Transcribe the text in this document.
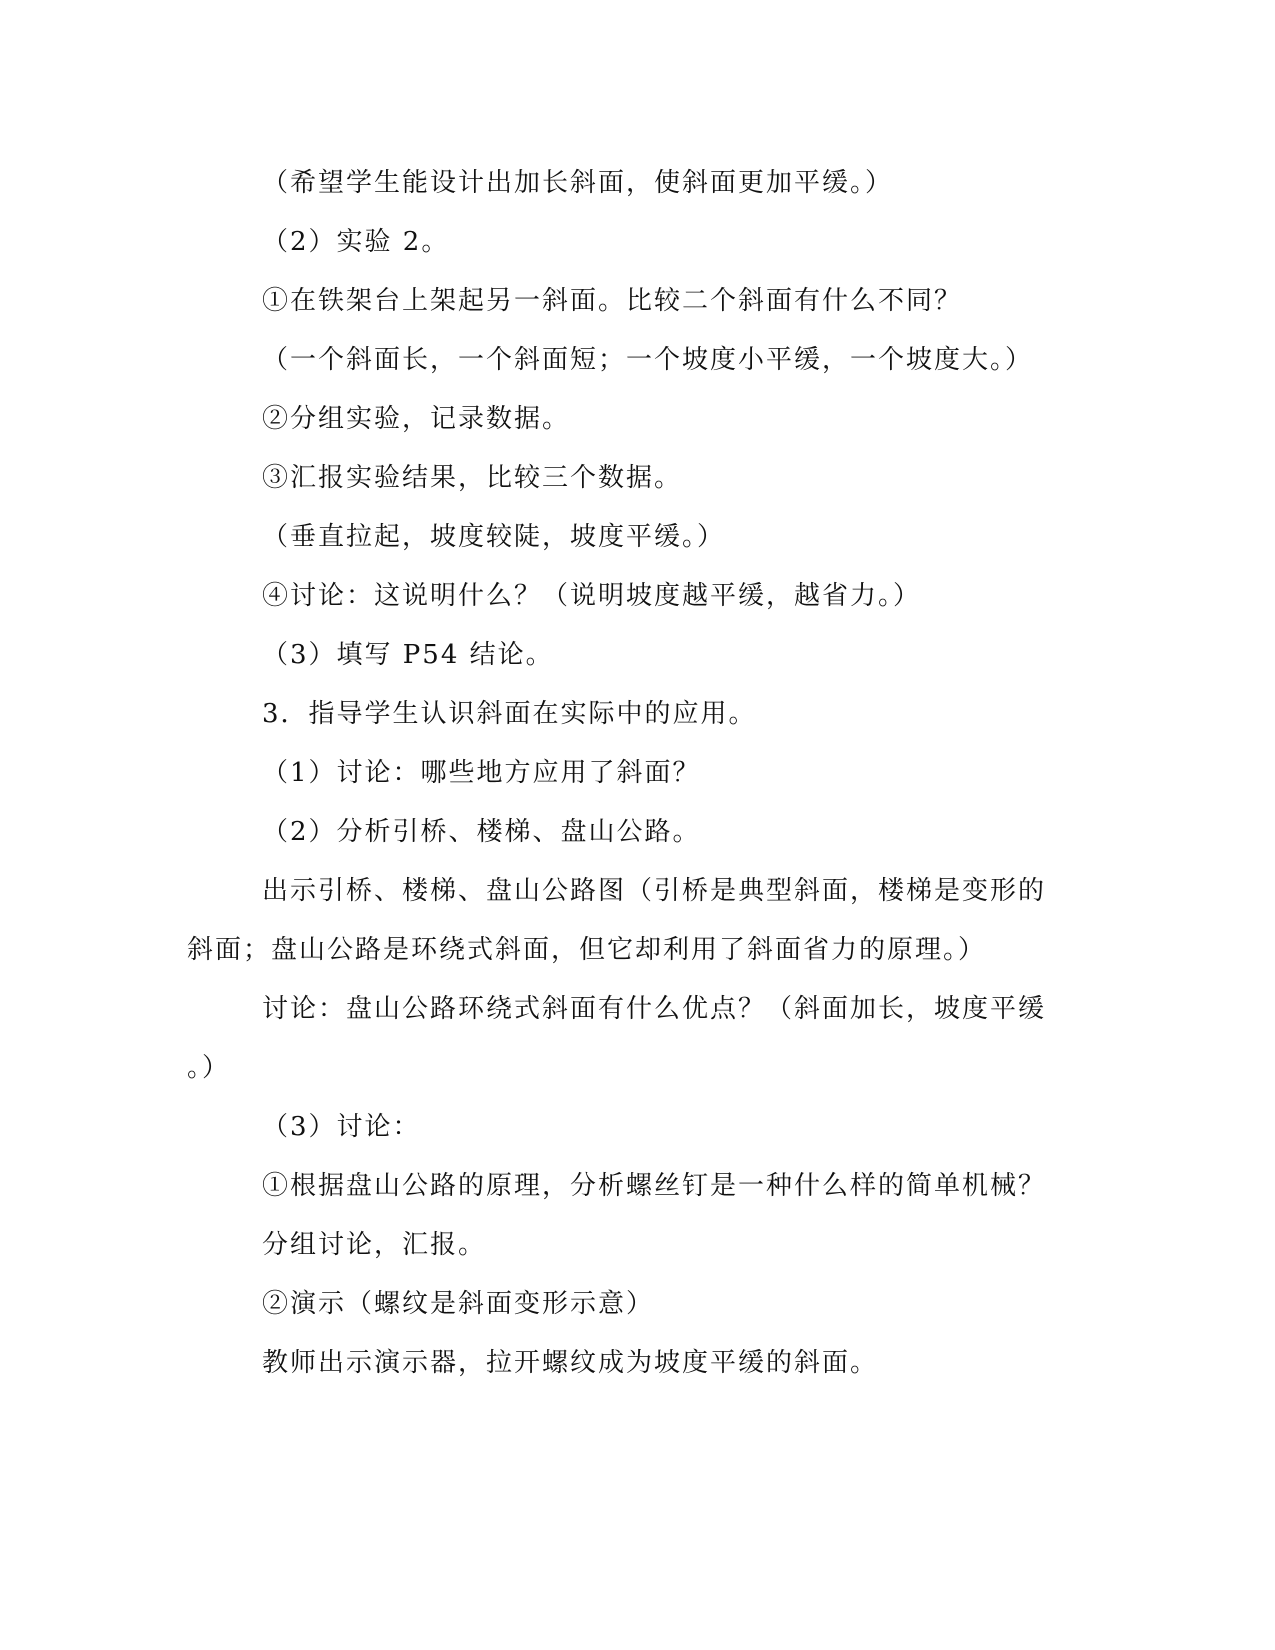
（希望学生能设计出加长斜面，使斜面更加平缓。）
（2）实验 2。
①在铁架台上架起另一斜面。比较二个斜面有什么不同？
（一个斜面长，一个斜面短；一个坡度小平缓，一个坡度大。）
②分组实验，记录数据。
③汇报实验结果，比较三个数据。
（垂直拉起，坡度较陡，坡度平缓。）
④讨论：这说明什么？（说明坡度越平缓，越省力。）
（3）填写 P54 结论。
3．指导学生认识斜面在实际中的应用。
（1）讨论：哪些地方应用了斜面？
（2）分析引桥、楼梯、盘山公路。
出示引桥、楼梯、盘山公路图（引桥是典型斜面，楼梯是变形的
斜面；盘山公路是环绕式斜面，但它却利用了斜面省力的原理。）
讨论：盘山公路环绕式斜面有什么优点？（斜面加长，坡度平缓
。）
（3）讨论：
①根据盘山公路的原理，分析螺丝钉是一种什么样的简单机械？
分组讨论，汇报。
②演示（螺纹是斜面变形示意）
教师出示演示器，拉开螺纹成为坡度平缓的斜面。
